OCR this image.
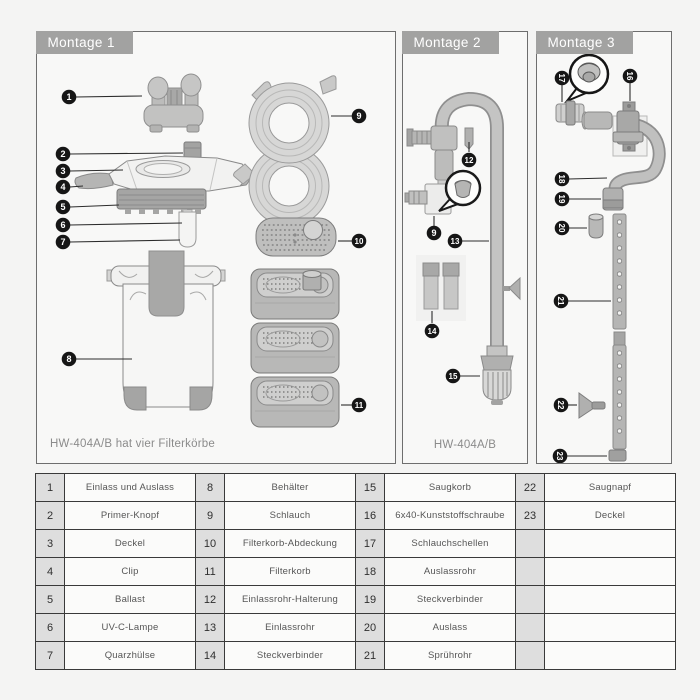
1
2
3
4
5
6
7
8
9
10
11
Montage 1
HW-404A/B hat vier Filterkörbe
12
9
13
14
15
Montage 2
HW-404A/B
17	16
18
19
20
21
22
23
Montage 3
1	Einlass und Auslass	8	Behälter	15	Saugkorb	22	Saugnapf
2	Primer-Knopf	9	Schlauch	16	6x40-Kunststoffschraube	23	Deckel
3	Deckel	10	Filterkorb-Abdeckung	17	Schlauchschellen		
4	Clip	11	Filterkorb	18	Auslassrohr		
5	Ballast	12	Einlassrohr-Halterung	19	Steckverbinder		
6	UV-C-Lampe	13	Einlassrohr	20	Auslass		
7	Quarzhülse	14	Steckverbinder	21	Sprührohr		
